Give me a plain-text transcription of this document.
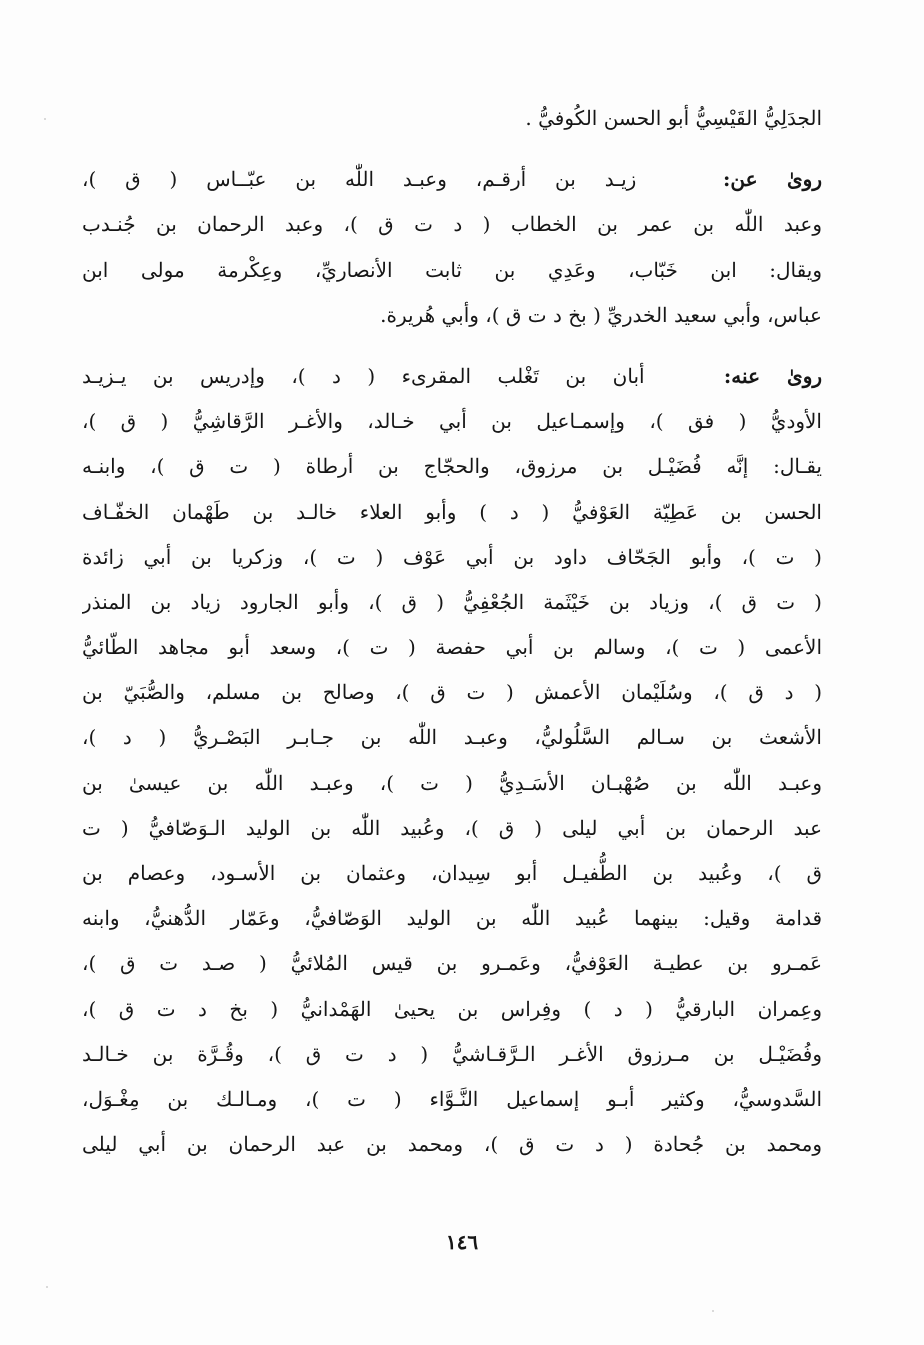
الجدَلِيُّ القَيْسِيُّ أبو الحسن الكُوفيُّ .
روىٰ عن:   زيـد بن أرقـم، وعبـد اللّٰه بن عبّــاس ( ق )،
وعبد اللّٰه بن عمر بن الخطاب ( د ت ق )، وعبد الرحمان بن جُنـدب
ويقال: ابن خَبّاب، وعَدِي بن ثابت الأنصاريِّ، وعِكْرمة مولى ابن
عباس، وأبي سعيد الخدريِّ ( بخ د ت ق )، وأبي هُريرة.
روىٰ عنه:   أبان بن تَغْلب المقرىء ( د )، وإدريس بن يـزيـد
الأوديُّ ( فق )، وإسمـاعيل بن أبي خـالد، والأغـر الرَّقاشِيُّ ( ق )،
يقـال: إنَّه فُضَيْـل بن مرزوق، والحجّاج بن أرطاة ( ت ق )، وابنـه
الحسن بن عَطِيّة العَوْفيُّ ( د ) وأبو العلاء خالـد بن طَهْمان الخفّـاف
( ت )، وأبو الجَحّاف داود بن أبي عَوْف ( ت )، وزكريا بن أبي زائدة
( ت ق )، وزياد بن خَيْثَمة الجُعْفِيُّ ( ق )، وأبو الجارود زياد بن المنذر
الأعمى ( ت )، وسالم بن أبي حفصة ( ت )، وسعد أبو مجاهد الطّائيُّ
( د ق )، وسُلَيْمان الأعمش ( ت ق )، وصالح بن مسلم، والصُّبَيّ بن
الأشعث بن سـالم السَّلُوليُّ، وعبـد اللّٰه بن جـابـر البَصْـريُّ ( د )،
وعبـد اللّٰه بن صُهْبـان الأسَـدِيُّ ( ت )، وعبـد اللّٰه بن عيسىٰ بن
عبد الرحمان بن أبي ليلى ( ق )، وعُبيد اللّٰه بن الوليد الـوَصّافيُّ ( ت
ق )، وعُبيد بن الطُّفيـل أبو سِيدان، وعثمان بن الأسـود، وعصام بن
قدامة وقيل: بينهما عُبيد اللّٰه بن الوليد الوَصّافيُّ، وعَمّار الدُّهنيُّ، وابنه
عَمـرو بن عطيـة العَوْفيُّ، وعَمـرو بن قيس المُلائيُّ ( صـد ت ق )،
وعِمران البارقيُّ ( د ) وفِراس بن يحيىٰ الهَمْدانيُّ ( بخ د ت ق )،
وفُضَيْـل بن مـرزوق الأغـر الـرَّقـاشيُّ ( د ت ق )، وقُـرَّة بن خـالـد
السَّدوسيُّ، وكثير أبـو إسماعيل النَّـوَّاء ( ت )، ومـالـك بن مِغْـوَل،
ومحمد بن جُحادة ( د ت ق )، ومحمد بن عبد الرحمان بن أبي ليلى
١٤٦
